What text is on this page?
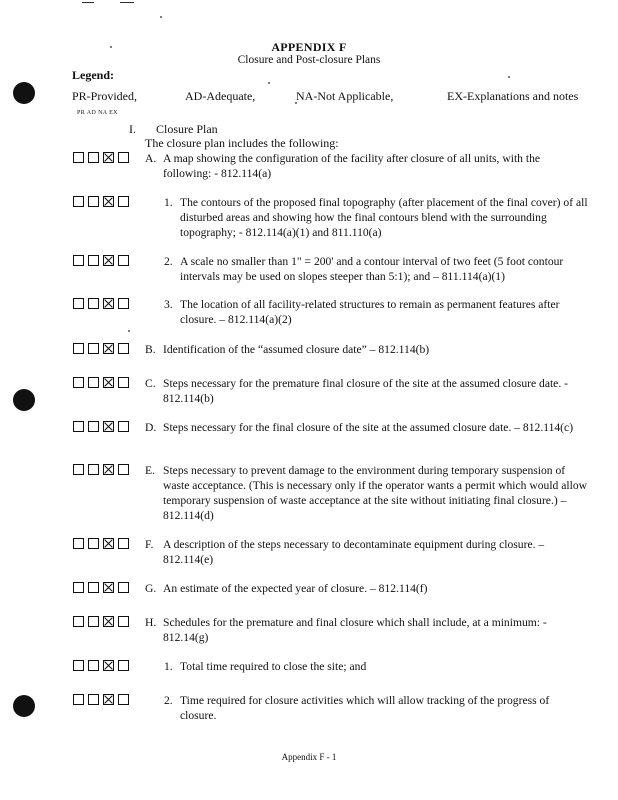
APPENDIX F
Closure and Post-closure Plans
Legend:
PR-Provided,	AD-Adequate,	NA-Not Applicable,	EX-Explanations and notes
PR AD NA EX
I. Closure Plan
The closure plan includes the following:
A. A map showing the configuration of the facility after closure of all units, with the following: - 812.114(a)
1. The contours of the proposed final topography (after placement of the final cover) of all disturbed areas and showing how the final contours blend with the surrounding topography; - 812.114(a)(1) and 811.110(a)
2. A scale no smaller than 1" = 200' and a contour interval of two feet (5 foot contour intervals may be used on slopes steeper than 5:1); and – 811.114(a)(1)
3. The location of all facility-related structures to remain as permanent features after closure. – 812.114(a)(2)
B. Identification of the “assumed closure date” – 812.114(b)
C. Steps necessary for the premature final closure of the site at the assumed closure date. - 812.114(b)
D. Steps necessary for the final closure of the site at the assumed closure date. – 812.114(c)
E. Steps necessary to prevent damage to the environment during temporary suspension of waste acceptance. (This is necessary only if the operator wants a permit which would allow temporary suspension of waste acceptance at the site without initiating final closure.) – 812.114(d)
F. A description of the steps necessary to decontaminate equipment during closure. – 812.114(e)
G. An estimate of the expected year of closure. – 812.114(f)
H. Schedules for the premature and final closure which shall include, at a minimum: - 812.14(g)
1. Total time required to close the site; and
2. Time required for closure activities which will allow tracking of the progress of closure.
Appendix F - 1
